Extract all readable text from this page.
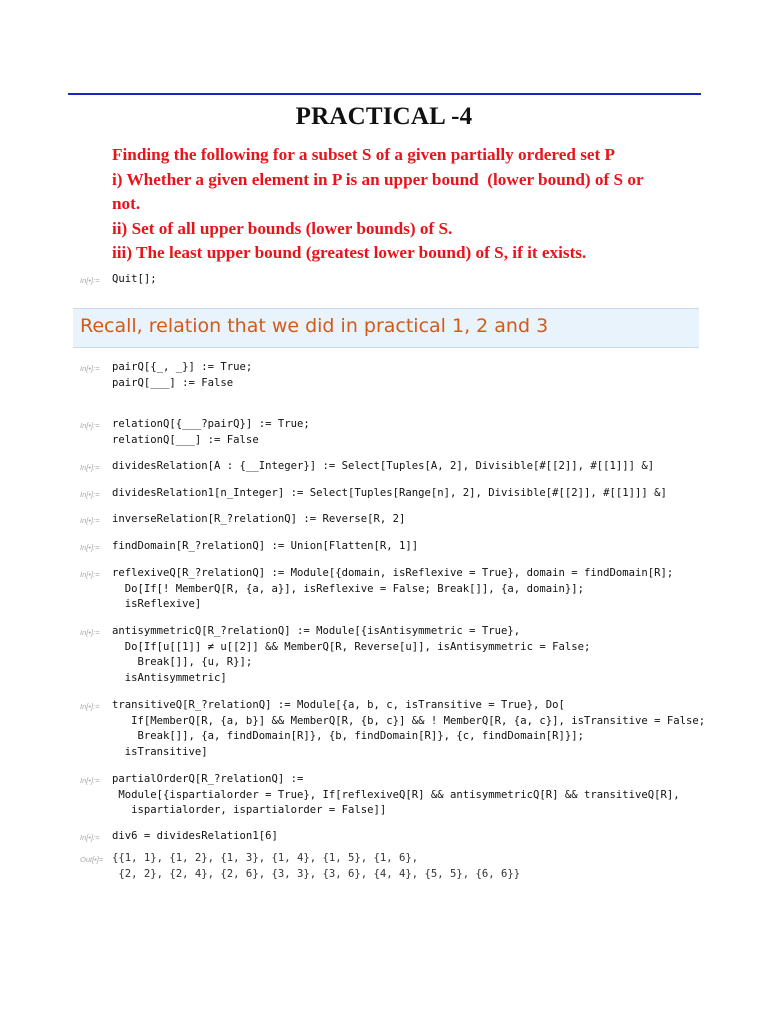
PRACTICAL -4
Finding the following for a subset S of a given partially ordered set P
i) Whether a given element in P is an upper bound  (lower bound) of S or
not.
ii) Set of all upper bounds (lower bounds) of S.
iii) The least upper bound (greatest lower bound) of S, if it exists.
In[•]:=	Quit[];
Recall, relation that we did in practical 1, 2 and 3
In[•]:=	pairQ[{_, _}] := True;
pairQ[___] := False
In[•]:=	relationQ[{___?pairQ}] := True;
relationQ[___] := False
In[•]:=	dividesRelation[A : {__Integer}] := Select[Tuples[A, 2], Divisible[#[[2]], #[[1]]] &]
In[•]:=	dividesRelation1[n_Integer] := Select[Tuples[Range[n], 2], Divisible[#[[2]], #[[1]]] &]
In[•]:=	inverseRelation[R_?relationQ] := Reverse[R, 2]
In[•]:=	findDomain[R_?relationQ] := Union[Flatten[R, 1]]
In[•]:=	reflexiveQ[R_?relationQ] := Module[{domain, isReflexive = True}, domain = findDomain[R];
Do[If[! MemberQ[R, {a, a}], isReflexive = False; Break[]], {a, domain}];
isReflexive]
In[•]:=	antisymmetricQ[R_?relationQ] := Module[{isAntisymmetric = True},
Do[If[u[[1]] ≠ u[[2]] && MemberQ[R, Reverse[u]], isAntisymmetric = False;
Break[]], {u, R}];
isAntisymmetric]
In[•]:=	transitiveQ[R_?relationQ] := Module[{a, b, c, isTransitive = True}, Do[
If[MemberQ[R, {a, b}] && MemberQ[R, {b, c}] && ! MemberQ[R, {a, c}], isTransitive = False;
Break[]], {a, findDomain[R]}, {b, findDomain[R]}, {c, findDomain[R]}];
isTransitive]
In[•]:=	partialOrderQ[R_?relationQ] :=
Module[{ispartialorder = True}, If[reflexiveQ[R] && antisymmetricQ[R] && transitiveQ[R],
ispartialorder, ispartialorder = False]]
In[•]:=	div6 = dividesRelation1[6]
Out[•]= {{1, 1}, {1, 2}, {1, 3}, {1, 4}, {1, 5}, {1, 6},
{2, 2}, {2, 4}, {2, 6}, {3, 3}, {3, 6}, {4, 4}, {5, 5}, {6, 6}}
